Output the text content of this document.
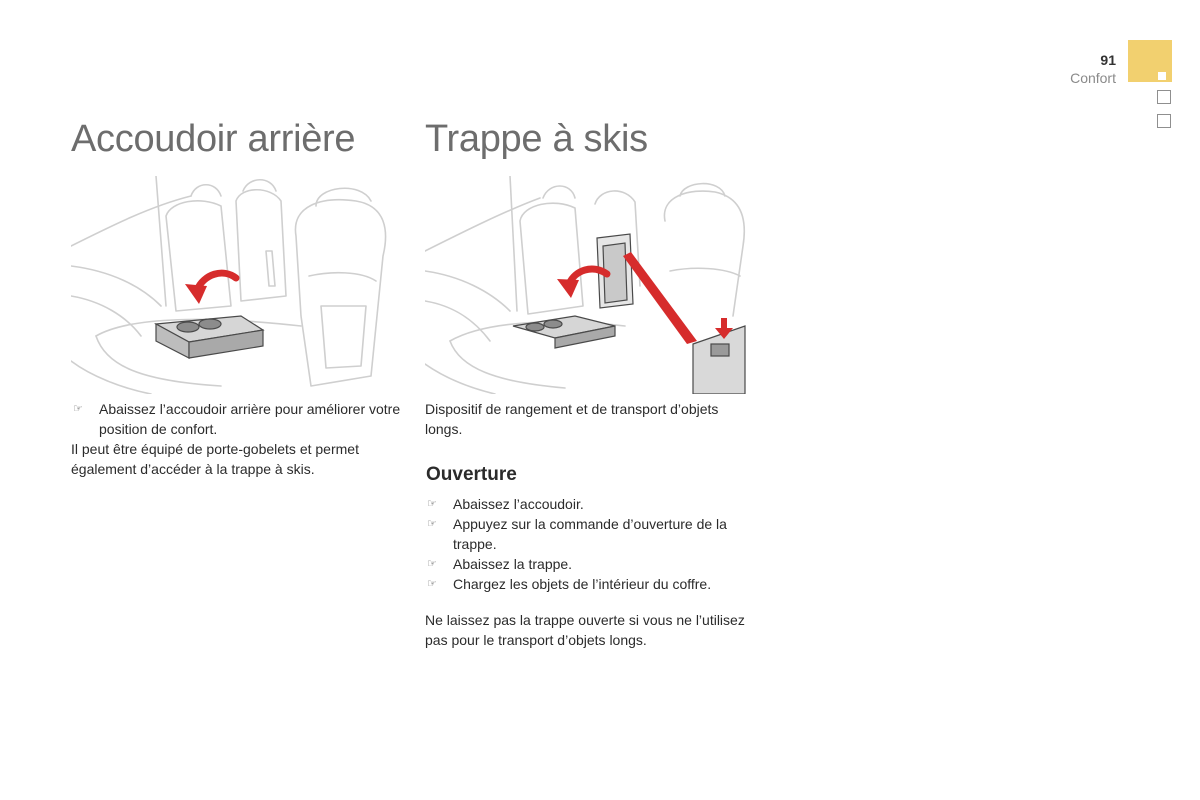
91
Confort
Accoudoir arrière
☞ Abaissez l’accoudoir arrière pour améliorer votre position de confort.

Il peut être équipé de porte-gobelets et permet également d’accéder à la trappe à skis.

Trappe à skis

Dispositif de rangement et de transport d’objets longs.

Ouverture
☞ Abaissez l’accoudoir.
☞ Appuyez sur la commande d’ouverture de la trappe.
☞ Abaissez la trappe.
☞ Chargez les objets de l’intérieur du coffre.

Ne laissez pas la trappe ouverte si vous ne l’utilisez pas pour le transport d’objets longs.
